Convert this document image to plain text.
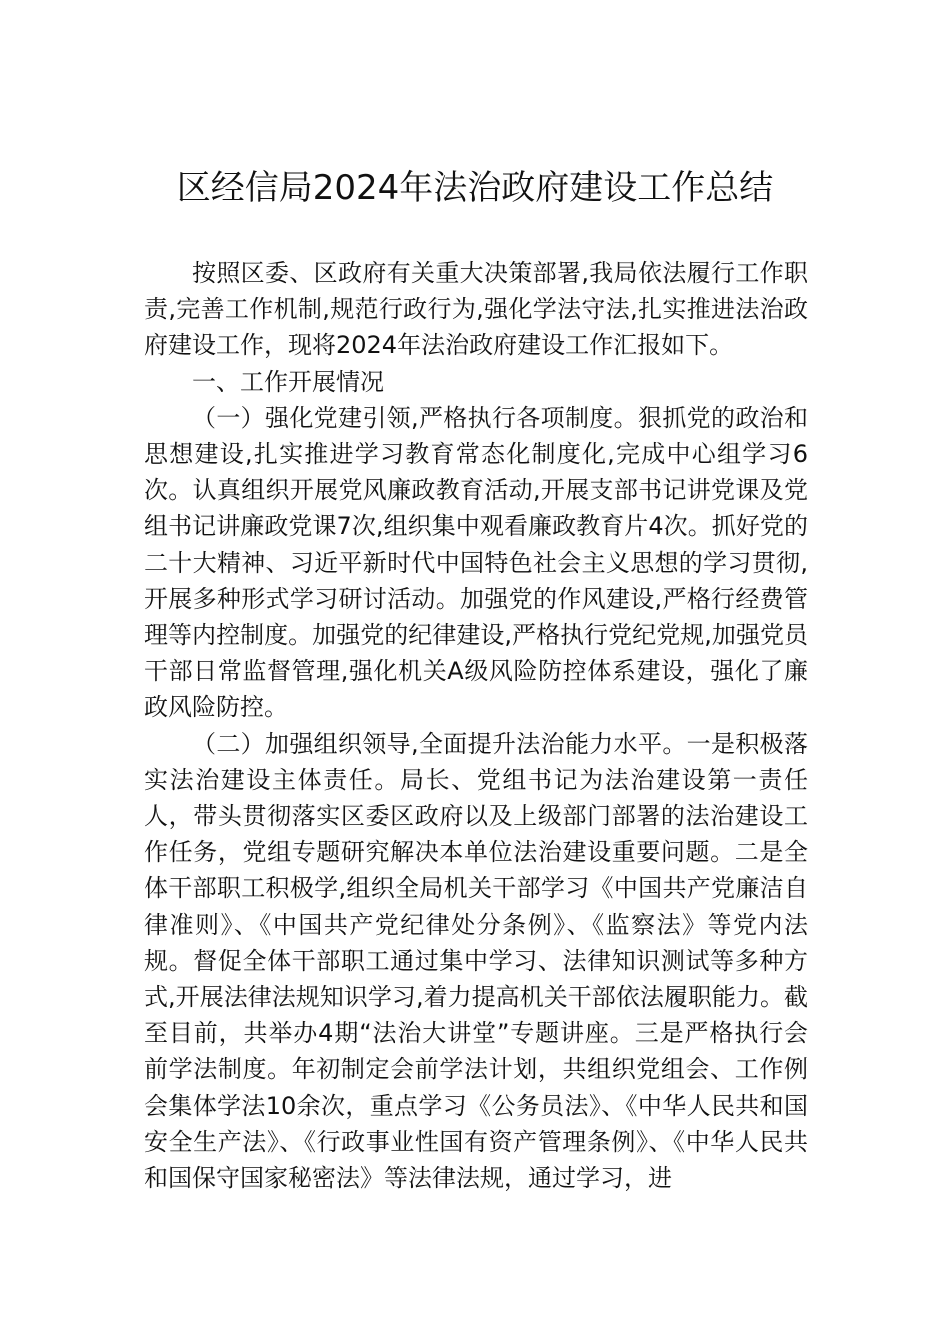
区经信局2024年法治政府建设工作总结

按照区委、区政府有关重大决策部署,我局依法履行工作职责,完善工作机制,规范行政行为,强化学法守法,扎实推进法治政府建设工作，现将2024年法治政府建设工作汇报如下。

一、工作开展情况

（一）强化党建引领,严格执行各项制度。狠抓党的政治和思想建设,扎实推进学习教育常态化制度化,完成中心组学习6次。认真组织开展党风廉政教育活动,开展支部书记讲党课及党组书记讲廉政党课7次,组织集中观看廉政教育片4次。抓好党的二十大精神、习近平新时代中国特色社会主义思想的学习贯彻,开展多种形式学习研讨活动。加强党的作风建设,严格行经费管理等内控制度。加强党的纪律建设,严格执行党纪党规,加强党员干部日常监督管理,强化机关A级风险防控体系建设，强化了廉政风险防控。

（二）加强组织领导,全面提升法治能力水平。一是积极落实法治建设主体责任。局长、党组书记为法治建设第一责任人，带头贯彻落实区委区政府以及上级部门部署的法治建设工作任务，党组专题研究解决本单位法治建设重要问题。二是全体干部职工积极学,组织全局机关干部学习《中国共产党廉洁自律准则》、《中国共产党纪律处分条例》、《监察法》等党内法规。督促全体干部职工通过集中学习、法律知识测试等多种方式,开展法律法规知识学习,着力提高机关干部依法履职能力。截至目前，共举办4期“法治大讲堂”专题讲座。三是严格执行会前学法制度。年初制定会前学法计划，共组织党组会、工作例会集体学法10余次，重点学习《公务员法》、《中华人民共和国安全生产法》、《行政事业性国有资产管理条例》、《中华人民共和国保守国家秘密法》等法律法规，通过学习，进
